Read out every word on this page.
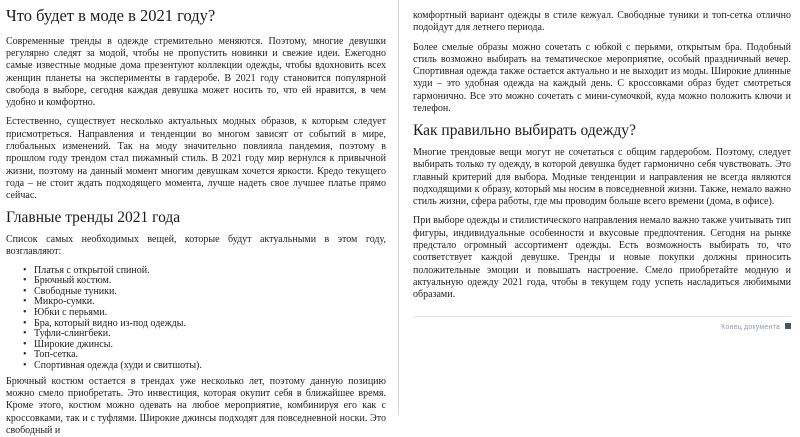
Что будет в моде в 2021 году?

Современные тренды в одежде стремительно меняются. Поэтому, многие девушки регулярно следят за модой, чтобы не пропустить новинки и свежие идеи. Ежегодно самые известные модные дома презентуют коллекции одежды, чтобы вдохновить всех женщин планеты на эксперименты в гардеробе. В 2021 году становится популярной свобода в выборе, сегодня каждая девушка может носить то, что ей нравится, в чем удобно и комфортно.

Естественно, существует несколько актуальных модных образов, к которым следует присмотреться. Направления и тенденции во многом зависят от событий в мире, глобальных изменений. Так на моду значительно повлияла пандемия, поэтому в прошлом году трендом стал пижамный стиль. В 2021 году мир вернулся к привычной жизни, поэтому на данный момент многим девушкам хочется яркости. Кредо текущего года – не стоит ждать подходящего момента, лучше надеть свое лучшее платье прямо сейчас.

Главные тренды 2021 года

Список самых необходимых вещей, которые будут актуальными в этом году, возглавляют:

• Платья с открытой спиной.
• Брючный костюм.
• Свободные туники.
• Микро-сумки.
• Юбки с перьями.
• Бра, который видно из-под одежды.
• Туфли-слингбеки.
• Широкие джинсы.
• Топ-сетка.
• Спортивная одежда (худи и свитшоты).

Брючный костюм остается в трендах уже несколько лет, поэтому данную позицию можно смело приобретать. Это инвестиция, которая окупит себя в ближайшее время. Кроме этого, костюм можно одевать на любое мероприятие, комбинируя его как с кроссовками, так и с туфлями. Широкие джинсы подходят для повседневной носки. Это свободный и

комфортный вариант одежды в стиле кежуал. Свободные туники и топ-сетка отлично подойдут для летнего периода.

Более смелые образы можно сочетать с юбкой с перьями, открытым бра. Подобный стиль возможно выбирать на тематическое мероприятие, особый праздничный вечер. Спортивная одежда также остается актуально и не выходит из моды. Широкие длинные худи – это удобная одежда на каждый день. С кроссовками образ будет смотреться гармонично. Все это можно сочетать с мини-сумочкой, куда можно положить ключи и телефон.

Как правильно выбирать одежду?

Многие трендовые вещи могут не сочетаться с общим гардеробом. Поэтому, следует выбирать только ту одежду, в которой девушка будет гармонично себя чувствовать. Это главный критерий для выбора. Модные тенденции и направления не всегда являются подходящими к образу, который мы носим в повседневной жизни. Также, немало важно стиль жизни, сфера работы, где мы проводим больше всего времени (дома, в офисе).

При выборе одежды и стилистического направления немало важно также учитывать тип фигуры, индивидуальные особенности и вкусовые предпочтения. Сегодня на рынке предстало огромный ассортимент одежды. Есть возможность выбирать то, что соответствует каждой девушке. Тренды и новые покупки должны приносить положительные эмоции и повышать настроение. Смело приобретайте модную и актуальную одежду 2021 года, чтобы в текущем году успеть насладиться любимыми образами.

Конец документа
